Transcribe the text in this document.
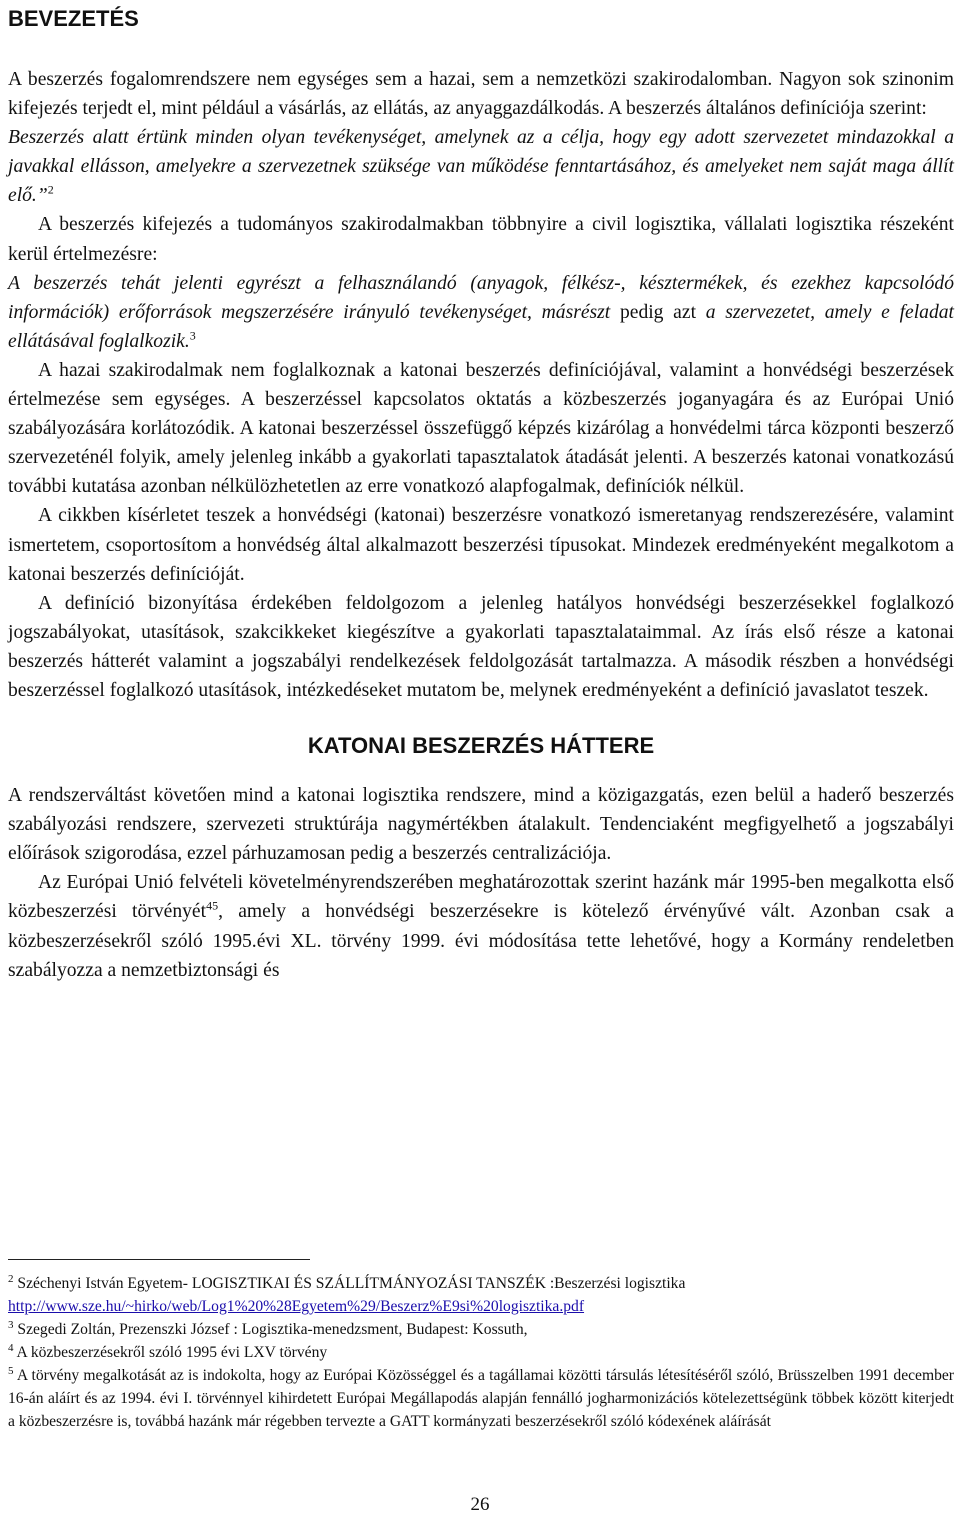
BEVEZETÉS

A beszerzés fogalomrendszere nem egységes sem a hazai, sem a nemzetközi szakirodalomban. Nagyon sok szinonim kifejezés terjedt el, mint például a vásárlás, az ellátás, az anyaggazdálkodás. A beszerzés általános definíciója szerint:
Beszerzés alatt értünk minden olyan tevékenységet, amelynek az a célja, hogy egy adott szervezetet mindazokkal a javakkal ellásson, amelyekre a szervezetnek szüksége van működése fenntartásához, és amelyeket nem saját maga állít elő.”$^2$
A beszerzés kifejezés a tudományos szakirodalmakban többnyire a civil logisztika, vállalati logisztika részeként kerül értelmezésre:
A beszerzés tehát jelenti egyrészt a felhasználandó (anyagok, félkész-, késztermékek, és ezekhez kapcsolódó információk) erőforrások megszerzésére irányuló tevékenységet, másrészt pedig azt a szervezetet, amely e feladat ellátásával foglalkozik.$^3$

A hazai szakirodalmak nem foglalkoznak a katonai beszerzés definíciójával, valamint a honvédségi beszerzések értelmezése sem egységes. A beszerzéssel kapcsolatos oktatás a közbeszerzés joganyagára és az Európai Unió szabályozására korlátozódik. A katonai beszerzéssel összefüggő képzés kizárólag a honvédelmi tárca központi beszerző szervezeténél folyik, amely jelenleg inkább a gyakorlati tapasztalatok átadását jelenti. A beszerzés katonai vonatkozású további kutatása azonban nélkülözhetetlen az erre vonatkozó alapfogalmak, definíciók nélkül.

A cikkben kísérletet teszek a honvédségi (katonai) beszerzésre vonatkozó ismeretanyag rendszerezésére, valamint ismertetem, csoportosítom a honvédség által alkalmazott beszerzési típusokat. Mindezek eredményeként megalkotom a katonai beszerzés definícióját.

A definíció bizonyítása érdekében feldolgozom a jelenleg hatályos honvédségi beszerzésekkel foglalkozó jogszabályokat, utasítások, szakcikkeket kiegészítve a gyakorlati tapasztalataimmal. Az írás első része a katonai beszerzés hátterét valamint a jogszabályi rendelkezések feldolgozását tartalmazza. A második részben a honvédségi beszerzéssel foglalkozó utasítások, intézkedéseket mutatom be, melynek eredményeként a definíció javaslatot teszek.

KATONAI BESZERZÉS HÁTTERE

A rendszerváltást követően mind a katonai logisztika rendszere, mind a közigazgatás, ezen belül a haderő beszerzés szabályozási rendszere, szervezeti struktúrája nagymértékben átalakult. Tendenciaként megfigyelhető a jogszabályi előírások szigorodása, ezzel párhuzamosan pedig a beszerzés centralizációja.

Az Európai Unió felvételi követelményrendszerében meghatározottak szerint hazánk már 1995-ben megalkotta első közbeszerzési törvényét$^{45}$, amely a honvédségi beszerzésekre is kötelező érvényűvé vált. Azonban csak a közbeszerzésekről szóló 1995.évi XL. törvény 1999. évi módosítása tette lehetővé, hogy a Kormány rendeletben szabályozza a nemzetbiztonsági és

$^2$ Széchenyi István Egyetem- LOGISZTIKAI ÉS SZÁLLÍTMÁNYOZÁSI TANSZÉK :Beszerzési logisztika
http://www.sze.hu/~hirko/web/Log1%20%28Egyetem%29/Beszerz%E9si%20logisztika.pdf

$^3$ Szegedi Zoltán, Prezenszki József : Logisztika-menedzsment, Budapest: Kossuth,

$^4$ A közbeszerzésekről szóló 1995 évi LXV törvény

$^5$ A törvény megalkotását az is indokolta, hogy az Európai Közösséggel és a tagállamai közötti társulás létesítéséről szóló, Brüsszelben 1991 december 16-án aláírt és az 1994. évi I. törvénnyel kihirdetett Európai Megállapodás alapján fennálló jogharmonizációs kötelezettségünk többek között kiterjedt a közbeszerzésre is, továbbá hazánk már régebben tervezte a GATT kormányzati beszerzésekről szóló kódexének aláírását

26
